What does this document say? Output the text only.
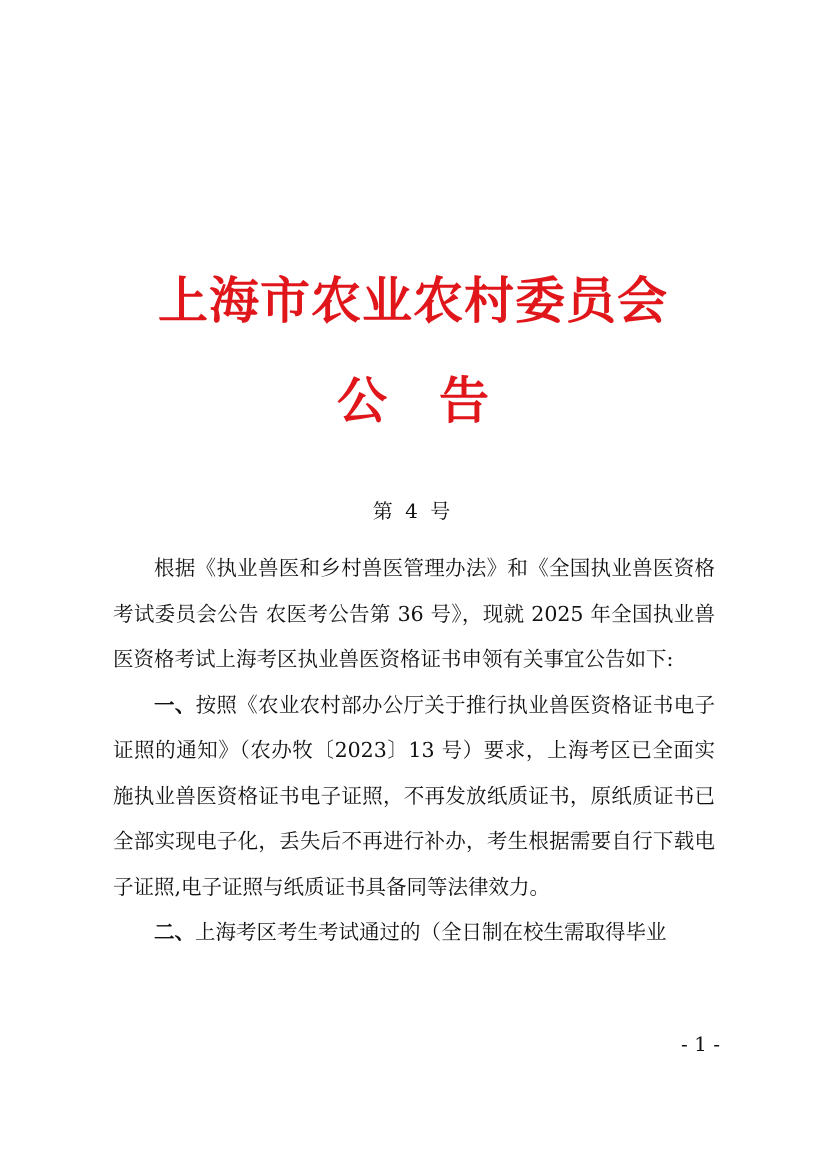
上海市农业农村委员会
公 告
第 4 号

根据《执业兽医和乡村兽医管理办法》和《全国执业兽医资格考试委员会公告 农医考公告第 36 号》，现就 2025 年全国执业兽医资格考试上海考区执业兽医资格证书申领有关事宜公告如下:

一、按照《农业农村部办公厅关于推行执业兽医资格证书电子证照的通知》（农办牧〔2023〕13 号）要求，上海考区已全面实施执业兽医资格证书电子证照，不再发放纸质证书，原纸质证书已全部实现电子化，丢失后不再进行补办，考生根据需要自行下载电子证照,电子证照与纸质证书具备同等法律效力。

二、上海考区考生考试通过的（全日制在校生需取得毕业

- 1 -
